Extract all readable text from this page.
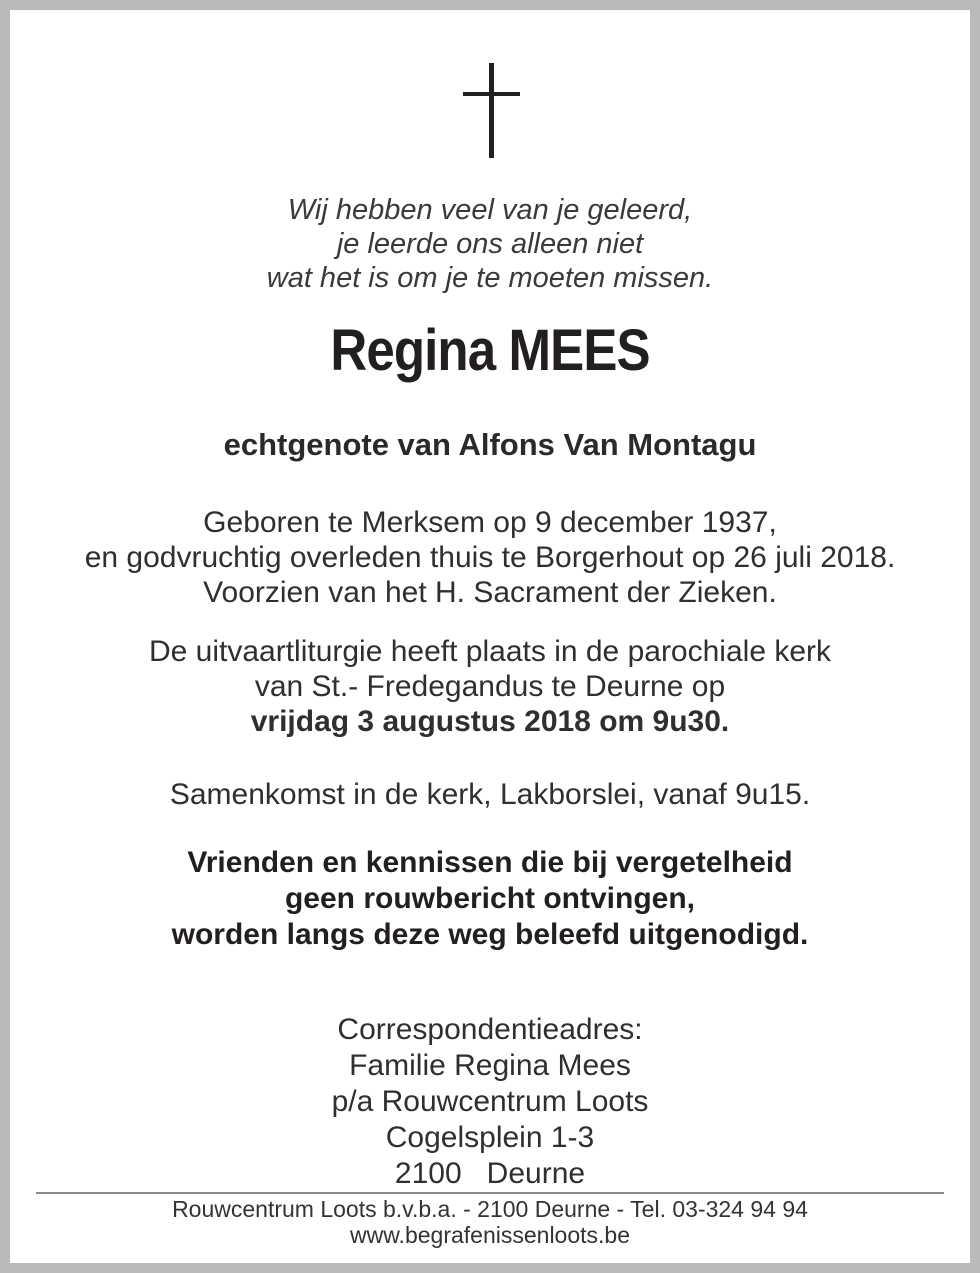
Wij hebben veel van je geleerd,
je leerde ons alleen niet
wat het is om je te moeten missen.
Regina MEES
echtgenote van Alfons Van Montagu
Geboren te Merksem op 9 december 1937,
en godvruchtig overleden thuis te Borgerhout op 26 juli 2018.
Voorzien van het H. Sacrament der Zieken.
De uitvaartliturgie heeft plaats in de parochiale kerk
van St.- Fredegandus te Deurne op
vrijdag 3 augustus 2018 om 9u30.
Samenkomst in de kerk, Lakborslei, vanaf 9u15.
Vrienden en kennissen die bij vergetelheid
geen rouwbericht ontvingen,
worden langs deze weg beleefd uitgenodigd.
Correspondentieadres:
Familie Regina Mees
p/a Rouwcentrum Loots
Cogelsplein 1-3
2100   Deurne
Rouwcentrum Loots b.v.b.a. - 2100 Deurne - Tel. 03-324 94 94
www.begrafenissenloots.be
